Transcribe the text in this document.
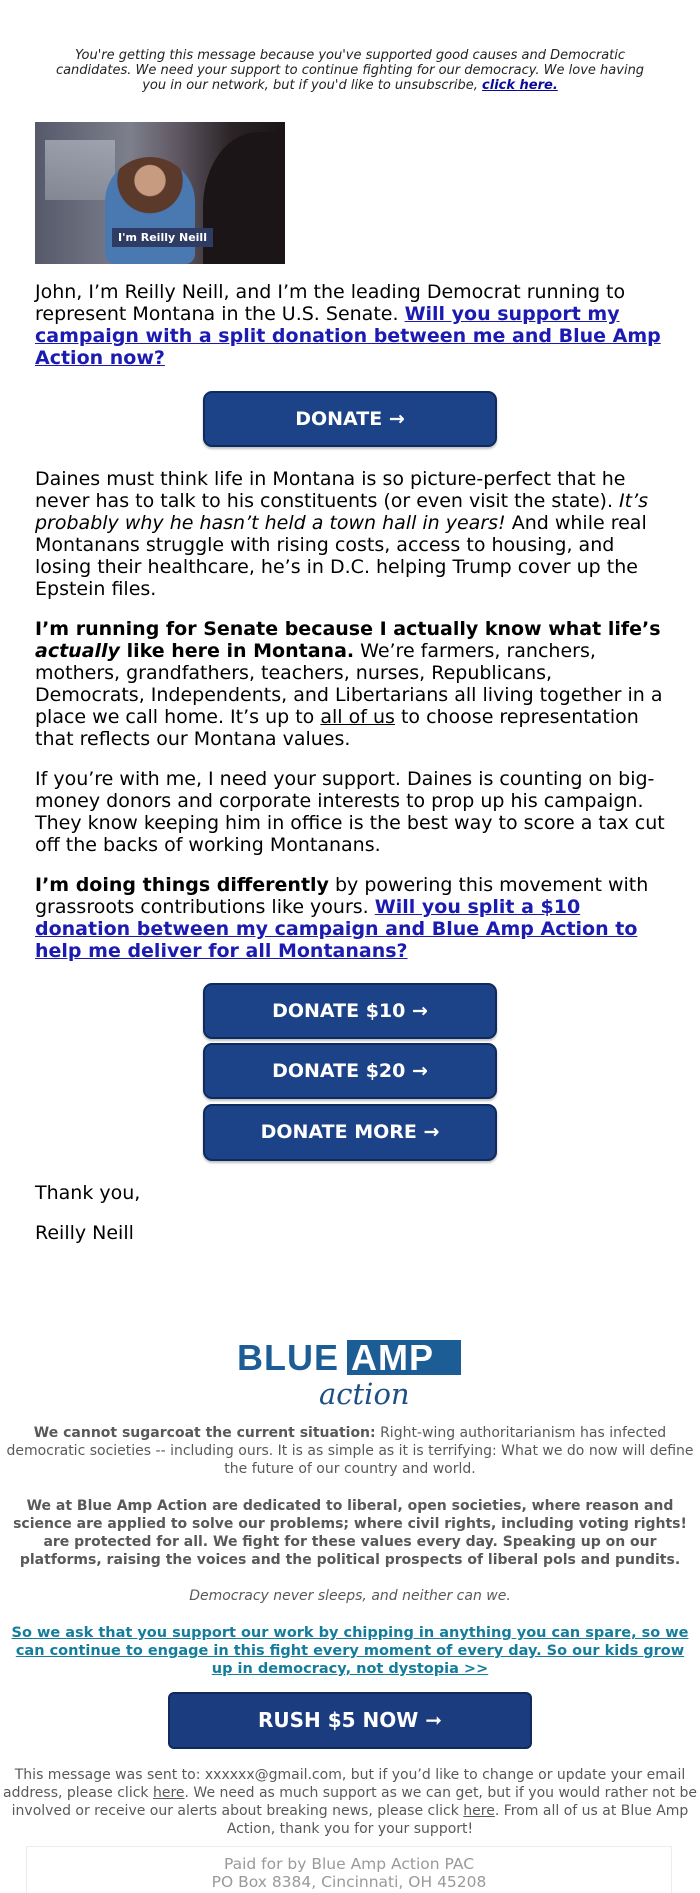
You're getting this message because you've supported good causes and Democratic candidates. We need your support to continue fighting for our democracy. We love having you in our network, but if you'd like to unsubscribe, click here.
I'm Reilly Neill
John, I’m Reilly Neill, and I’m the leading Democrat running to represent Montana in the U.S. Senate. Will you support my campaign with a split donation between me and Blue Amp Action now?
DONATE →
Daines must think life in Montana is so picture-perfect that he never has to talk to his constituents (or even visit the state). It’s probably why he hasn’t held a town hall in years! And while real Montanans struggle with rising costs, access to housing, and losing their healthcare, he’s in D.C. helping Trump cover up the Epstein files.
I’m running for Senate because I actually know what life’s actually like here in Montana. We’re farmers, ranchers, mothers, grandfathers, teachers, nurses, Republicans, Democrats, Independents, and Libertarians all living together in a place we call home. It’s up to all of us to choose representation that reflects our Montana values.
If you’re with me, I need your support. Daines is counting on big-money donors and corporate interests to prop up his campaign. They know keeping him in office is the best way to score a tax cut off the backs of working Montanans.
I’m doing things differently by powering this movement with grassroots contributions like yours. Will you split a $10 donation between my campaign and Blue Amp Action to help me deliver for all Montanans?
DONATE $10 →
DONATE $20 →
DONATE MORE →
Thank you,
Reilly Neill
BLUE AMP
action
We cannot sugarcoat the current situation: Right-wing authoritarianism has infected democratic societies -- including ours. It is as simple as it is terrifying: What we do now will define the future of our country and world.
We at Blue Amp Action are dedicated to liberal, open societies, where reason and science are applied to solve our problems; where civil rights, including voting rights! are protected for all. We fight for these values every day. Speaking up on our platforms, raising the voices and the political prospects of liberal pols and pundits.
Democracy never sleeps, and neither can we.
So we ask that you support our work by chipping in anything you can spare, so we can continue to engage in this fight every moment of every day. So our kids grow up in democracy, not dystopia >>
RUSH $5 NOW ➞
This message was sent to: xxxxxx@gmail.com, but if you’d like to change or update your email address, please click here. We need as much support as we can get, but if you would rather not be involved or receive our alerts about breaking news, please click here. From all of us at Blue Amp Action, thank you for your support!
Paid for by Blue Amp Action PAC
PO Box 8384, Cincinnati, OH 45208
